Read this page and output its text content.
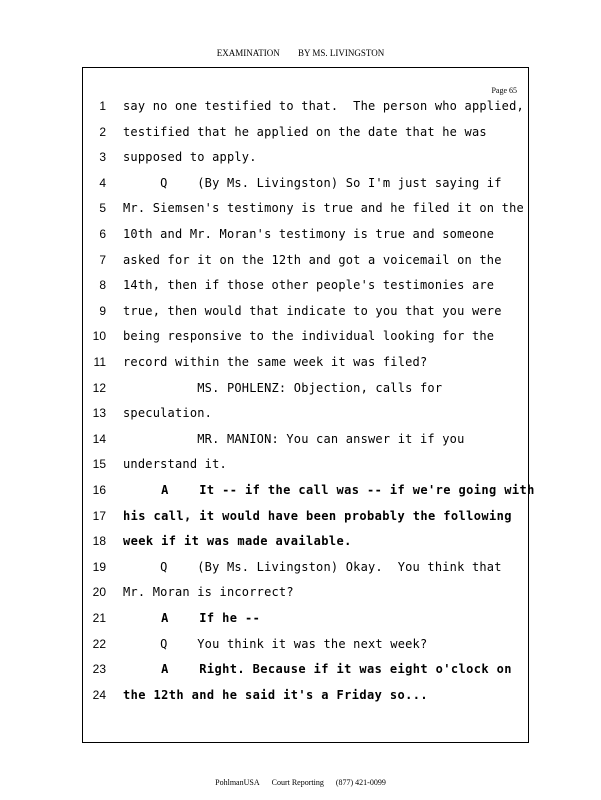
EXAMINATION BY MS. LIVINGSTON
Page 65
1 say no one testified to that.  The person who applied,
2 testified that he applied on the date that he was
3 supposed to apply.
4 Q    (By Ms. Livingston) So I'm just saying if
5 Mr. Siemsen's testimony is true and he filed it on the
6 10th and Mr. Moran's testimony is true and someone
7 asked for it on the 12th and got a voicemail on the
8 14th, then if those other people's testimonies are
9 true, then would that indicate to you that you were
10 being responsive to the individual looking for the
11 record within the same week it was filed?
12 MS. POHLENZ: Objection, calls for
13 speculation.
14 MR. MANION: You can answer it if you
15 understand it.
16 A    It -- if the call was -- if we're going with
17 his call, it would have been probably the following
18 week if it was made available.
19 Q    (By Ms. Livingston) Okay.  You think that
20 Mr. Moran is incorrect?
21 A    If he --
22 Q    You think it was the next week?
23 A    Right. Because if it was eight o'clock on
24 the 12th and he said it's a Friday so...
PohlmanUSA Court Reporting (877) 421-0099
